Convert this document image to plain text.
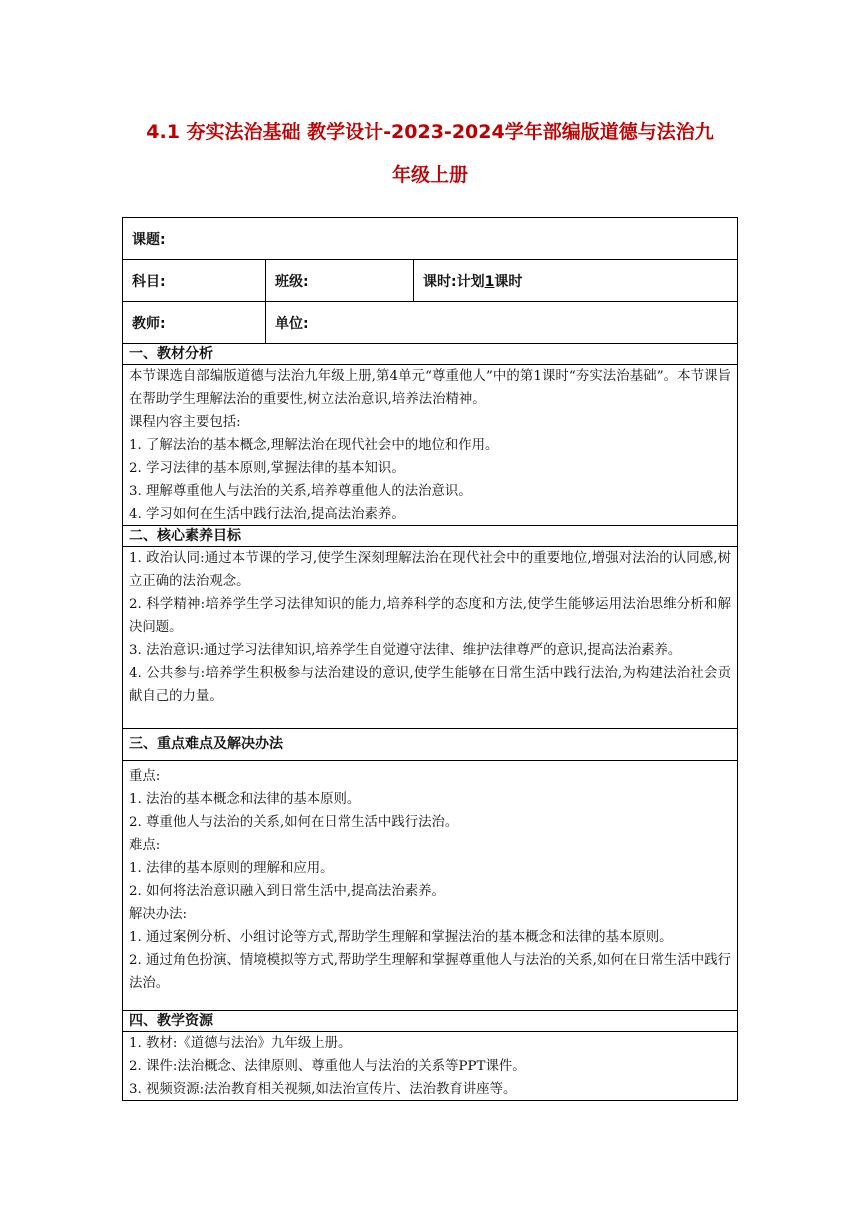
4.1 夯实法治基础 教学设计-2023-2024学年部编版道德与法治九
年级上册
课题:
科目:	班级:	课时:计划1课时
教师:	单位:
一、教材分析

本节课选自部编版道德与法治九年级上册,第4单元“尊重他人”中的第1课时“夯实法治基础”。本节课旨在帮助学生理解法治的重要性,树立法治意识,培养法治精神。

课程内容主要包括:

1. 了解法治的基本概念,理解法治在现代社会中的地位和作用。

2. 学习法律的基本原则,掌握法律的基本知识。

3. 理解尊重他人与法治的关系,培养尊重他人的法治意识。

4. 学习如何在生活中践行法治,提高法治素养。

二、核心素养目标

1. 政治认同:通过本节课的学习,使学生深刻理解法治在现代社会中的重要地位,增强对法治的认同感,树立正确的法治观念。

2. 科学精神:培养学生学习法律知识的能力,培养科学的态度和方法,使学生能够运用法治思维分析和解决问题。

3. 法治意识:通过学习法律知识,培养学生自觉遵守法律、维护法律尊严的意识,提高法治素养。

4. 公共参与:培养学生积极参与法治建设的意识,使学生能够在日常生活中践行法治,为构建法治社会贡献自己的力量。

三、重点难点及解决办法

重点:

1. 法治的基本概念和法律的基本原则。

2. 尊重他人与法治的关系,如何在日常生活中践行法治。

难点:

1. 法律的基本原则的理解和应用。

2. 如何将法治意识融入到日常生活中,提高法治素养。

解决办法:

1. 通过案例分析、小组讨论等方式,帮助学生理解和掌握法治的基本概念和法律的基本原则。

2. 通过角色扮演、情境模拟等方式,帮助学生理解和掌握尊重他人与法治的关系,如何在日常生活中践行法治。

四、教学资源

1. 教材:《道德与法治》九年级上册。

2. 课件:法治概念、法律原则、尊重他人与法治的关系等PPT课件。

3. 视频资源:法治教育相关视频,如法治宣传片、法治教育讲座等。
